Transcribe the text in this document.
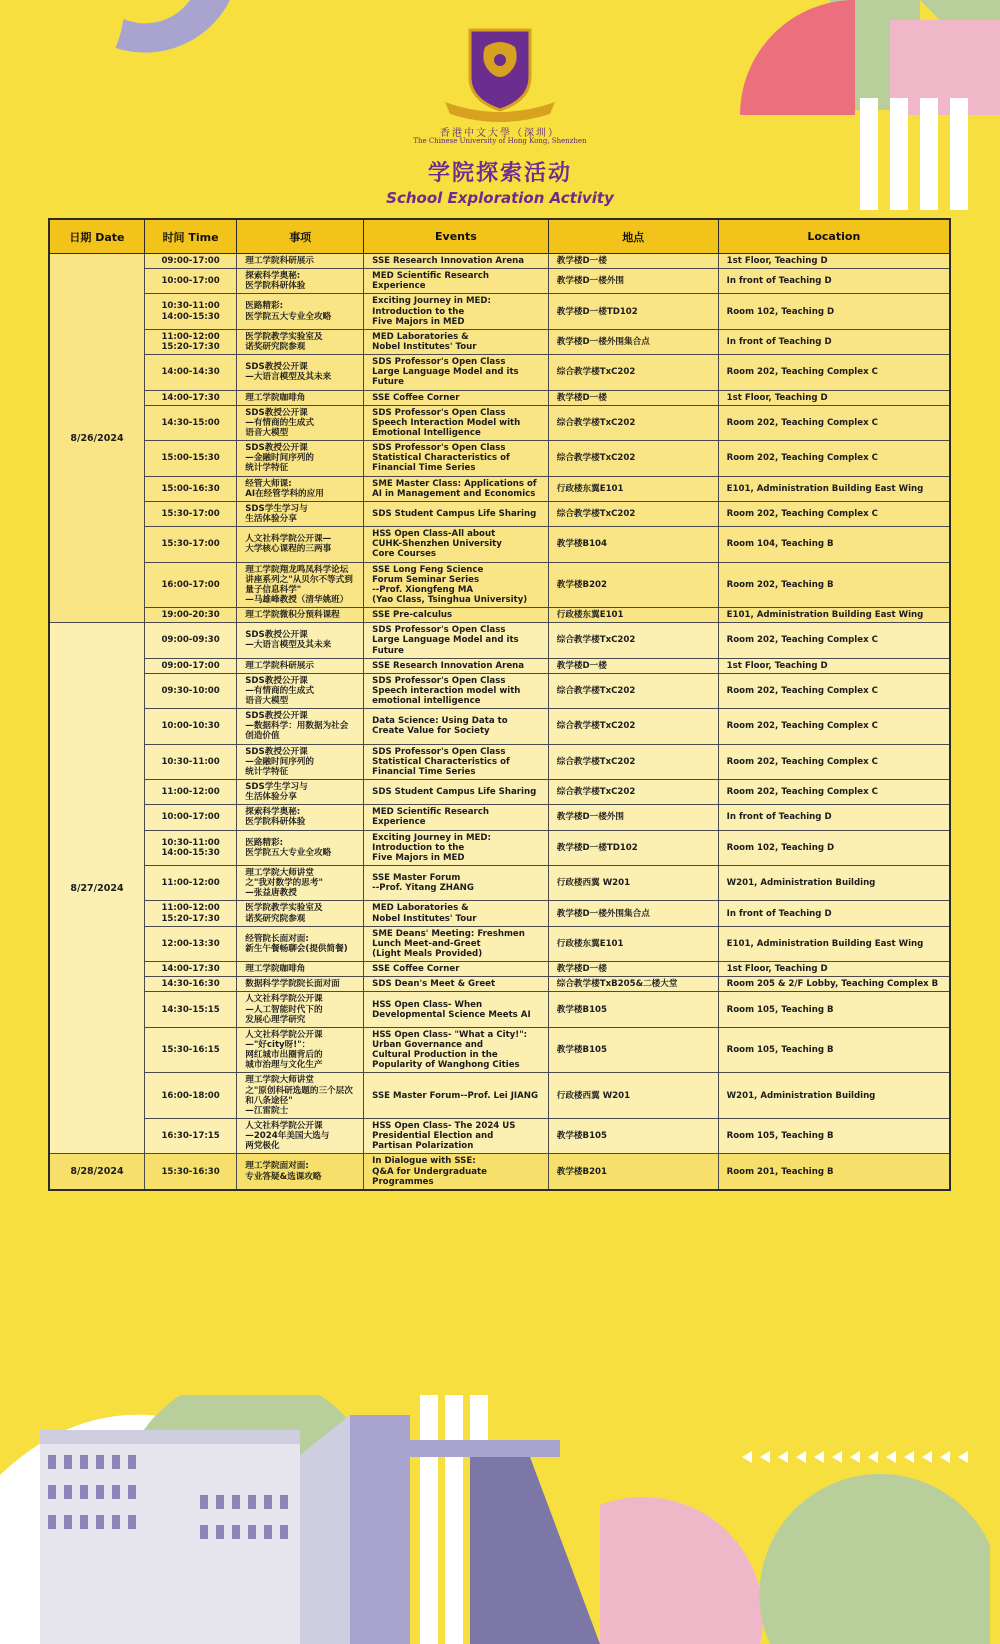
香港中文大學（深圳）
The Chinese University of Hong Kong, Shenzhen
学院探索活动
School Exploration Activity
日期 Date	时间 Time	事项	Events	地点	Location
8/26/2024	09:00-17:00	理工学院科研展示	SSE Research Innovation Arena	教学楼D一楼	1st Floor, Teaching D
	10:00-17:00	探索科学奥秘:
医学院科研体验	MED Scientific Research Experience	教学楼D一楼外围	In front of Teaching D
	10:30-11:00
14:00-15:30	医路精彩:
医学院五大专业全攻略	Exciting Journey in MED:
Introduction to the
Five Majors in MED	教学楼D一楼TD102	Room 102, Teaching D
	11:00-12:00
15:20-17:30	医学院教学实验室及
诺奖研究院参观	MED Laboratories &
Nobel Institutes' Tour	教学楼D一楼外围集合点	In front of Teaching D
	14:00-14:30	SDS教授公开课
—大语言模型及其未来	SDS Professor's Open Class
Large Language Model and its Future	综合教学楼TxC202	Room 202, Teaching Complex C
	14:00-17:30	理工学院咖啡角	SSE Coffee Corner	教学楼D一楼	1st Floor, Teaching D
	14:30-15:00	SDS教授公开课
—有情商的生成式
语音大模型	SDS Professor's Open Class
Speech Interaction Model with
Emotional Intelligence	综合教学楼TxC202	Room 202, Teaching Complex C
	15:00-15:30	SDS教授公开课
—金融时间序列的
统计学特征	SDS Professor's Open Class
Statistical Characteristics of
Financial Time Series	综合教学楼TxC202	Room 202, Teaching Complex C
	15:00-16:30	经管大师课:
AI在经管学科的应用	SME Master Class: Applications of
AI in Management and Economics	行政楼东翼E101	E101, Administration Building East Wing
	15:30-17:00	SDS学生学习与
生活体验分享	SDS Student Campus Life Sharing	综合教学楼TxC202	Room 202, Teaching Complex C
	15:30-17:00	人文社科学院公开课—
大学核心课程的三两事	HSS Open Class-All about
CUHK-Shenzhen University
Core Courses	教学楼B104	Room 104, Teaching B
	16:00-17:00	理工学院翔龙鸣凤科学论坛
讲座系列之"从贝尔不等式到
量子信息科学"
—马雄峰教授（清华姚班）	SSE Long Feng Science
Forum Seminar Series
--Prof. Xiongfeng MA
(Yao Class, Tsinghua University)	教学楼B202	Room 202, Teaching B
	19:00-20:30	理工学院微积分预科课程	SSE Pre-calculus	行政楼东翼E101	E101, Administration Building East Wing
8/27/2024	09:00-09:30	SDS教授公开课
—大语言模型及其未来	SDS Professor's Open Class
Large Language Model and its Future	综合教学楼TxC202	Room 202, Teaching Complex C
	09:00-17:00	理工学院科研展示	SSE Research Innovation Arena	教学楼D一楼	1st Floor, Teaching D
	09:30-10:00	SDS教授公开课
—有情商的生成式
语音大模型	SDS Professor's Open Class
Speech interaction model with
emotional intelligence	综合教学楼TxC202	Room 202, Teaching Complex C
	10:00-10:30	SDS教授公开课
—数据科学：用数据为社会
创造价值	Data Science: Using Data to
Create Value for Society	综合教学楼TxC202	Room 202, Teaching Complex C
	10:30-11:00	SDS教授公开课
—金融时间序列的
统计学特征	SDS Professor's Open Class
Statistical Characteristics of
Financial Time Series	综合教学楼TxC202	Room 202, Teaching Complex C
	11:00-12:00	SDS学生学习与
生活体验分享	SDS Student Campus Life Sharing	综合教学楼TxC202	Room 202, Teaching Complex C
	10:00-17:00	探索科学奥秘:
医学院科研体验	MED Scientific Research Experience	教学楼D一楼外围	In front of Teaching D
	10:30-11:00
14:00-15:30	医路精彩:
医学院五大专业全攻略	Exciting Journey in MED:
Introduction to the
Five Majors in MED	教学楼D一楼TD102	Room 102, Teaching D
	11:00-12:00	理工学院大师讲堂
之"我对数学的思考"
—张益唐教授	SSE Master Forum
--Prof. Yitang ZHANG	行政楼西翼 W201	W201, Administration Building
	11:00-12:00
15:20-17:30	医学院教学实验室及
诺奖研究院参观	MED Laboratories &
Nobel Institutes' Tour	教学楼D一楼外围集合点	In front of Teaching D
	12:00-13:30	经管院长面对面:
新生午餐畅聊会(提供简餐)	SME Deans' Meeting: Freshmen
Lunch Meet-and-Greet
(Light Meals Provided)	行政楼东翼E101	E101, Administration Building East Wing
	14:00-17:30	理工学院咖啡角	SSE Coffee Corner	教学楼D一楼	1st Floor, Teaching D
	14:30-16:30	数据科学学院院长面对面	SDS Dean's Meet & Greet	综合教学楼TxB205&二楼大堂	Room 205 & 2/F Lobby, Teaching Complex B
	14:30-15:15	人文社科学院公开课
—人工智能时代下的
发展心理学研究	HSS Open Class- When
Developmental Science Meets AI	教学楼B105	Room 105, Teaching B
	15:30-16:15	人文社科学院公开课
—"好city呀!"：
网红城市出圈背后的
城市治理与文化生产	HSS Open Class- "What a City!":
Urban Governance and
Cultural Production in the
Popularity of Wanghong Cities	教学楼B105	Room 105, Teaching B
	16:00-18:00	理工学院大师讲堂
之"原创科研选题的三个层次
和八条途径"
—江雷院士	SSE Master Forum--Prof. Lei JIANG	行政楼西翼 W201	W201, Administration Building
	16:30-17:15	人文社科学院公开课
—2024年美国大选与
两党极化	HSS Open Class- The 2024 US
Presidential Election and
Partisan Polarization	教学楼B105	Room 105, Teaching B
8/28/2024	15:30-16:30	理工学院面对面:
专业答疑&选课攻略	In Dialogue with SSE:
Q&A for Undergraduate
Programmes	教学楼B201	Room 201, Teaching B
